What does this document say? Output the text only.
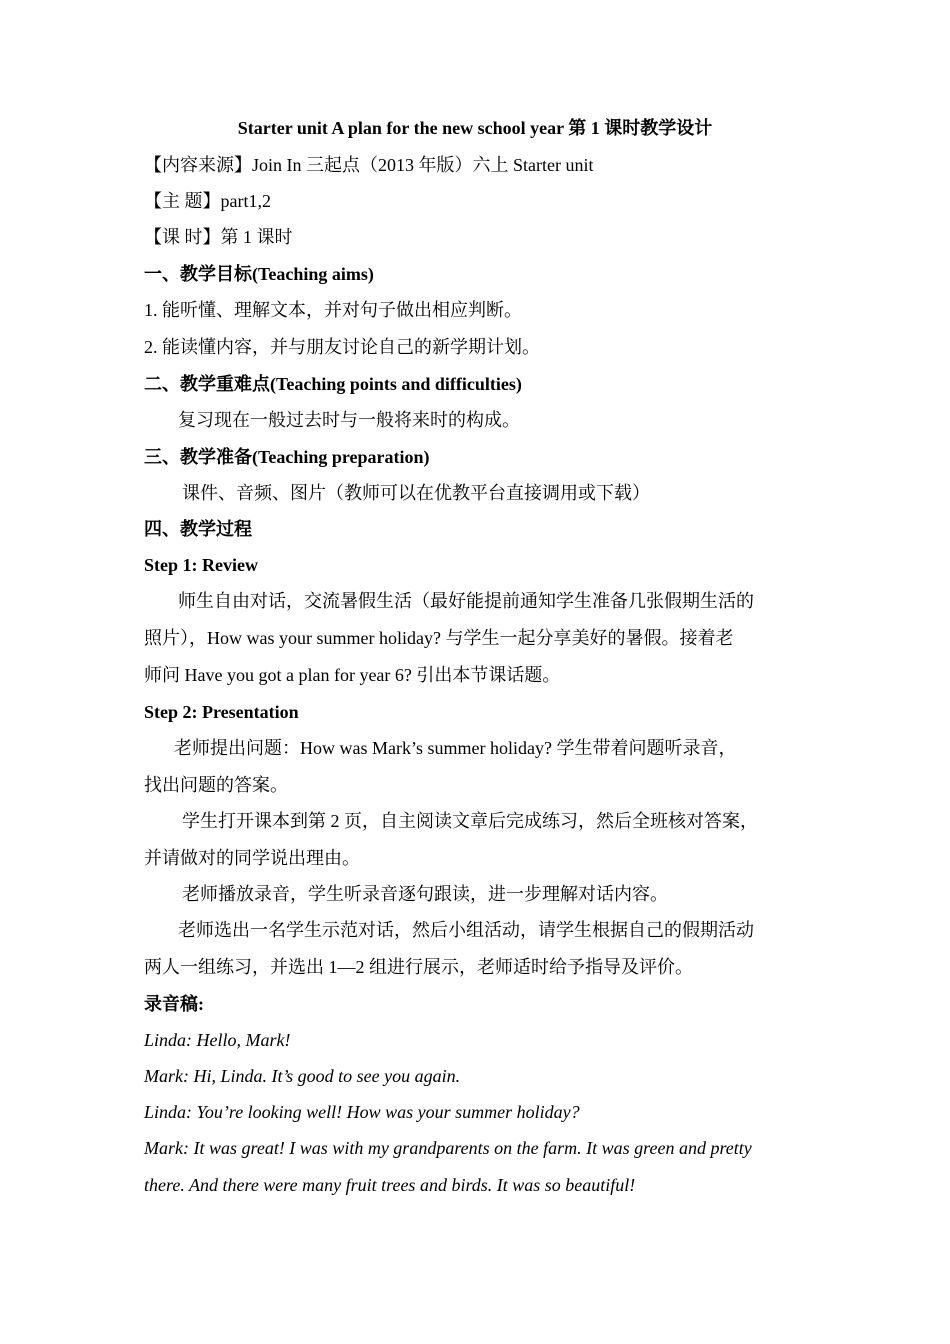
Starter unit A plan for the new school year 第 1 课时教学设计
【内容来源】Join In 三起点（2013 年版）六上 Starter unit
【主 题】part1,2
【课 时】第 1 课时
一、教学目标(Teaching aims)
1. 能听懂、理解文本，并对句子做出相应判断。
2. 能读懂内容，并与朋友讨论自己的新学期计划。
二、教学重难点(Teaching points and difficulties)
复习现在一般过去时与一般将来时的构成。
三、教学准备(Teaching preparation)
课件、音频、图片（教师可以在优教平台直接调用或下载）
四、教学过程
Step 1: Review
师生自由对话，交流暑假生活（最好能提前通知学生准备几张假期生活的
照片），How was your summer holiday? 与学生一起分享美好的暑假。接着老
师问 Have you got a plan for year 6? 引出本节课话题。
Step 2: Presentation
老师提出问题：How was Mark’s summer holiday? 学生带着问题听录音，
找出问题的答案。
学生打开课本到第 2 页，自主阅读文章后完成练习，然后全班核对答案，
并请做对的同学说出理由。
老师播放录音，学生听录音逐句跟读，进一步理解对话内容。
老师选出一名学生示范对话，然后小组活动，请学生根据自己的假期活动
两人一组练习，并选出 1—2 组进行展示，老师适时给予指导及评价。
录音稿:
Linda: Hello, Mark!
Mark: Hi, Linda. It’s good to see you again.
Linda: You’re looking well! How was your summer holiday?
Mark: It was great! I was with my grandparents on the farm. It was green and pretty
there. And there were many fruit trees and birds. It was so beautiful!
